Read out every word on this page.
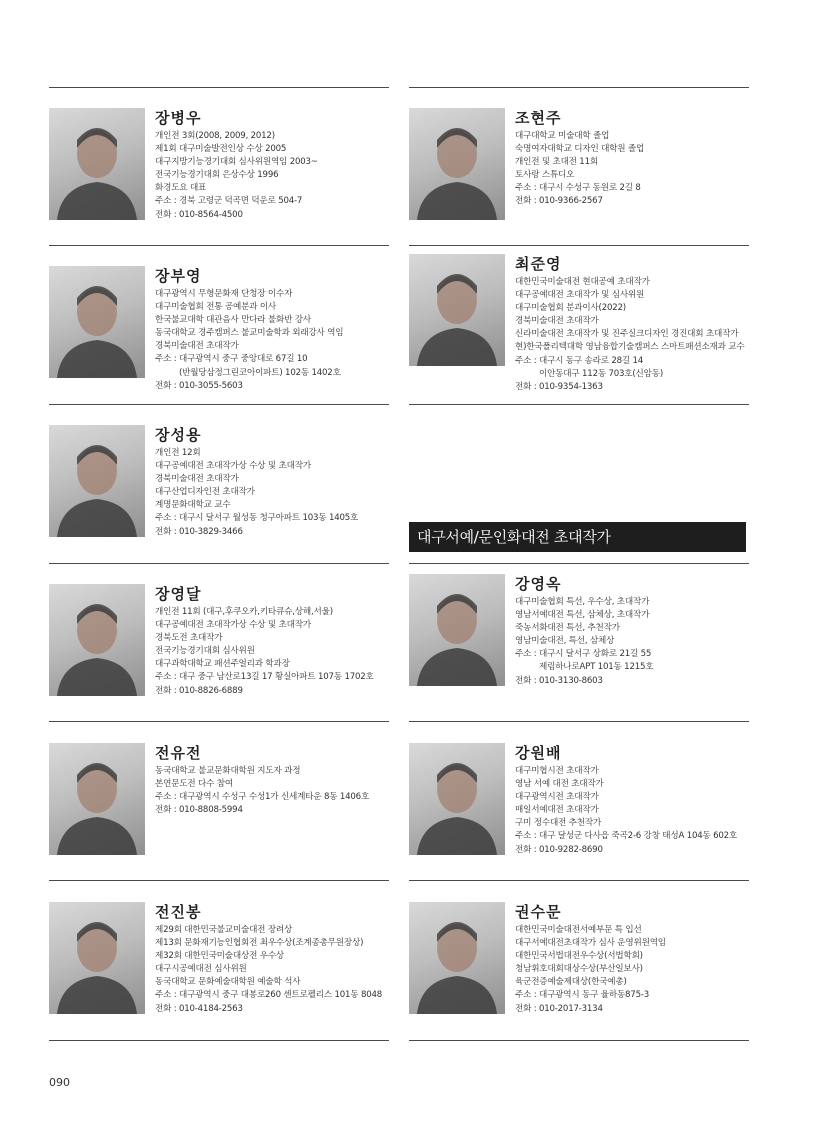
대구서예/문인화대전 초대작가
장병우
개인전 3회(2008, 2009, 2012)
제1회 대구미술발전인상 수상 2005
대구지방기능경기대회 심사위원역임 2003~
전국기능경기대회 은상수상 1996
화경도요 대표
주소 : 경북 고령군 덕곡면 덕운로 504-7
전화 : 010-8564-4500
조현주
대구대학교 미술대학 졸업
숙명여자대학교 디자인 대학원 졸업
개인전 및 초대전 11회
토사랑 스튜디오
주소 : 대구시 수성구 동원로 2길 8
전화 : 010-9366-2567
장부영
대구광역시 무형문화재 단청장 이수자
대구미술협회 전통 공예분과 이사
한국불교대학 대관음사 만다라 불화반 강사
동국대학교 경주캠퍼스 불교미술학과 외래강사 역임
경북미술대전 초대작가
주소 : 대구광역시 중구 중앙대로 67길 10
(반월당삼정그린코아이파트) 102동 1402호
전화 : 010-3055-5603
최준영
대한민국미술대전 현대공예 초대작가
대구공예대전 초대작가 및 심사위원
대구미술협회 분과이사(2022)
경북미술대전 초대작가
신라미술대전 초대작가 및 진주실크디자인 경진대회 초대작가
현)한국폴리텍대학 영남융합기술캠퍼스 스마트패션소재과 교수
주소 : 대구시 동구 송라로 28길 14
이안동대구 112동 703호(신암동)
전화 : 010-9354-1363
장성용
개인전 12회
대구공예대전 초대작가상 수상 및 초대작가
경북미술대전 초대작가
대구산업디자인전 초대작가
계명문화대학교 교수
주소 : 대구시 달서구 월성동 청구아파트 103동 1405호
전화 : 010-3829-3466
장영달
개인전 11회 (대구,후쿠오카,키타큐슈,상해,서울)
대구공예대전 초대작가상 수상 및 초대작가
경북도전 초대작가
전국기능경기대회 심사위원
대구과학대학교 패션주얼리과 학과장
주소 : 대구 중구 남산로13길 17 황실아파트 107동 1702호
전화 : 010-8826-6889
강영옥
대구미술협회 특선, 우수상, 초대작가
영남서예대전 특선, 삼체상, 초대작가
죽농서화대전 특선, 추천작가
영남미술대전, 특선, 삼체상
주소 : 대구시 달서구 상화로 21길 55
제림하나로APT 101동 1215호
전화 : 010-3130-8603
전유전
동국대학교 불교문화대학원 지도자 과정
본연문도전 다수 참여
주소 : 대구광역시 수성구 수성1가 신세계타운 8동 1406호
전화 : 010-8808-5994
강원배
대구미협시전 초대작가
영남 서예 대전 초대작가
대구광역시전 초대작가
매일서예대전 초대작가
구미 정수대전 추천작가
주소 : 대구 달성군 다사읍 죽곡2-6 강창 태성A 104동 602호
전화 : 010-9282-8690
전진봉
제29회 대한민국불교미술대전 장려상
제13회 문화재기능인협회전 최우수상(조계종총무원장상)
제32회 대한민국미술대상전 우수상
대구시공예대전 심사위원
동국대학교 문화예술대학원 예술학 석사
주소 : 대구광역시 중구 대봉로260 센트로펠리스 101동 8048
전화 : 010-4184-2563
권수문
대한민국미술대전서예부문 특 입선
대구서예대전초대작가 심사 운영위원역임
대한민국서법대전우수상(서법학회)
청남휘호대회대상수상(부산일보사)
육군전증예술제대상(한국예총)
주소 : 대구광역시 동구 율하동875-3
전화 : 010-2017-3134
090
